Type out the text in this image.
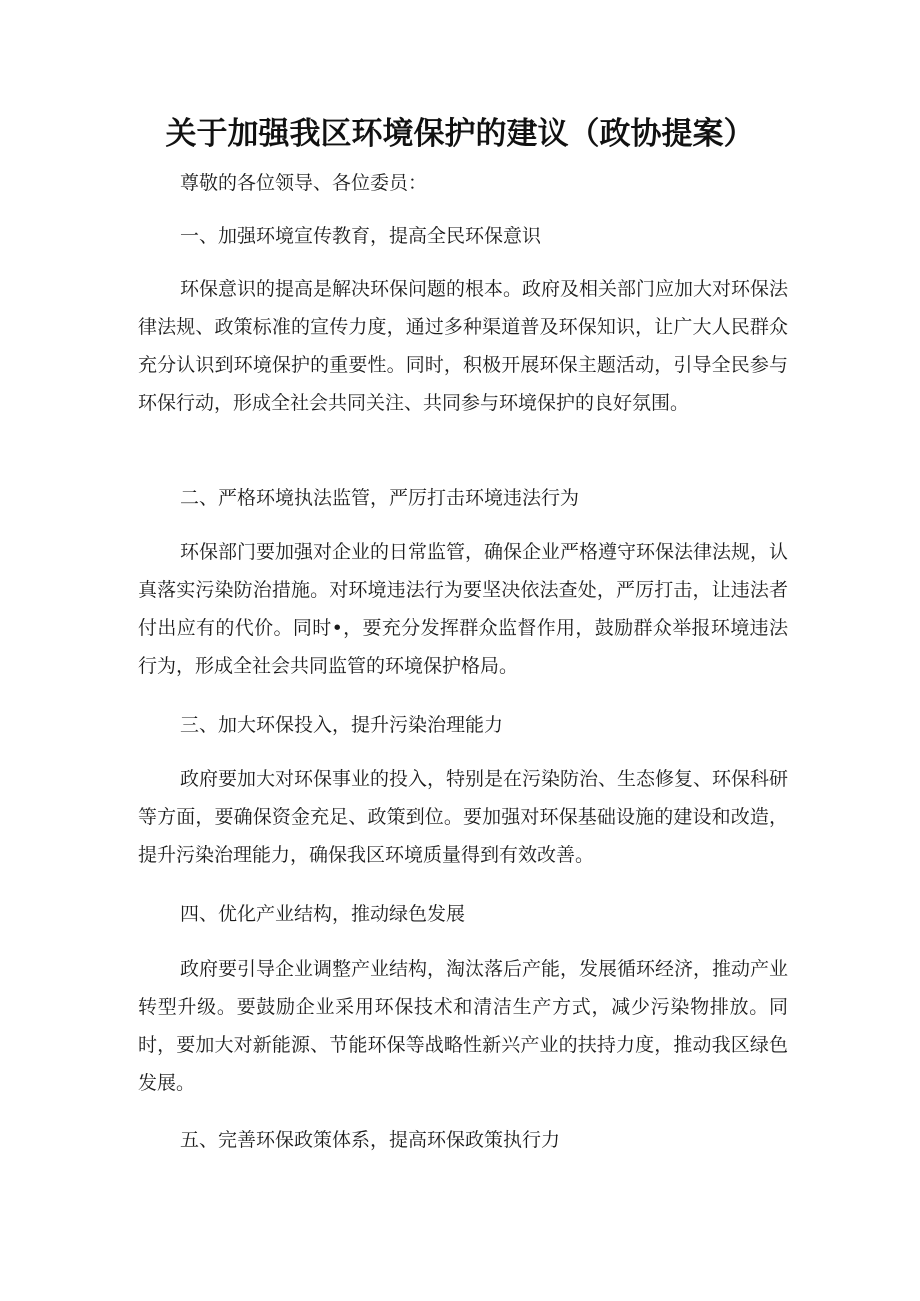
关于加强我区环境保护的建议（政协提案）

尊敬的各位领导、各位委员：

一、加强环境宣传教育，提高全民环保意识

环保意识的提高是解决环保问题的根本。政府及相关部门应加大对环保法律法规、政策标准的宣传力度，通过多种渠道普及环保知识，让广大人民群众充分认识到环境保护的重要性。同时，积极开展环保主题活动，引导全民参与环保行动，形成全社会共同关注、共同参与环境保护的良好氛围。

二、严格环境执法监管，严厉打击环境违法行为

环保部门要加强对企业的日常监管，确保企业严格遵守环保法律法规，认真落实污染防治措施。对环境违法行为要坚决依法查处，严厉打击，让违法者付出应有的代价。同时•，要充分发挥群众监督作用，鼓励群众举报环境违法行为，形成全社会共同监管的环境保护格局。

三、加大环保投入，提升污染治理能力

政府要加大对环保事业的投入，特别是在污染防治、生态修复、环保科研等方面，要确保资金充足、政策到位。要加强对环保基础设施的建设和改造，提升污染治理能力，确保我区环境质量得到有效改善。

四、优化产业结构，推动绿色发展

政府要引导企业调整产业结构，淘汰落后产能，发展循环经济，推动产业转型升级。要鼓励企业采用环保技术和清洁生产方式，减少污染物排放。同时，要加大对新能源、节能环保等战略性新兴产业的扶持力度，推动我区绿色发展。

五、完善环保政策体系，提高环保政策执行力
